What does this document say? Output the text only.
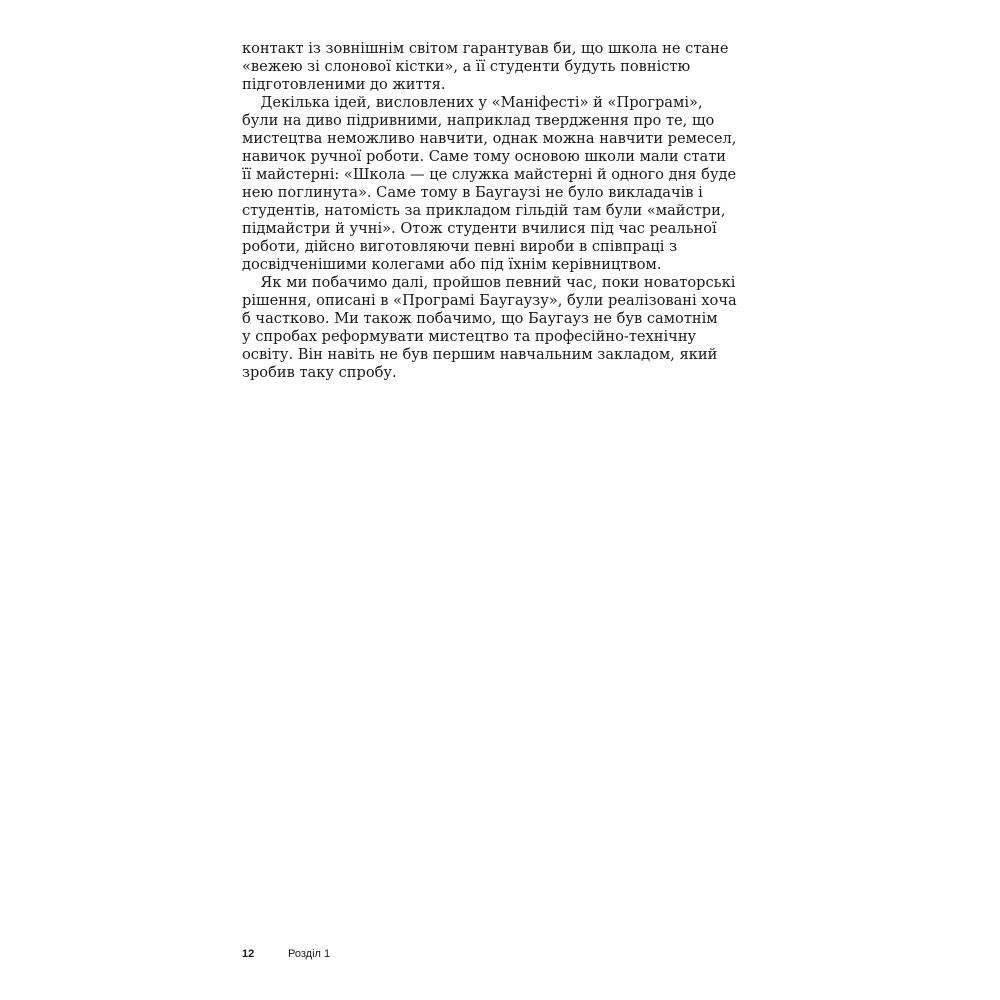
контакт із зовнішнім світом гарантував би, що школа не стане
«вежею зі слонової кістки», а її студенти будуть повністю
підготовленими до життя.
Декілька ідей, висловлених у «Маніфесті» й «Програмі»,
були на диво підривними, наприклад твердження про те, що
мистецтва неможливо навчити, однак можна навчити ремесел,
навичок ручної роботи. Саме тому основою школи мали стати
її майстерні: «Школа — це служка майстерні й одного дня буде
нею поглинута». Саме тому в Баугаузі не було викладачів і
студентів, натомість за прикладом гільдій там були «майстри,
підмайстри й учні». Отож студенти вчилися під час реальної
роботи, дійсно виготовляючи певні вироби в співпраці з
досвідченішими колегами або під їхнім керівництвом.
Як ми побачимо далі, пройшов певний час, поки новаторські
рішення, описані в «Програмі Баугаузу», були реалізовані хоча
б частково. Ми також побачимо, що Баугауз не був самотнім
у спробах реформувати мистецтво та професійно-технічну
освіту. Він навіть не був першим навчальним закладом, який
зробив таку спробу.
12	Розділ 1
